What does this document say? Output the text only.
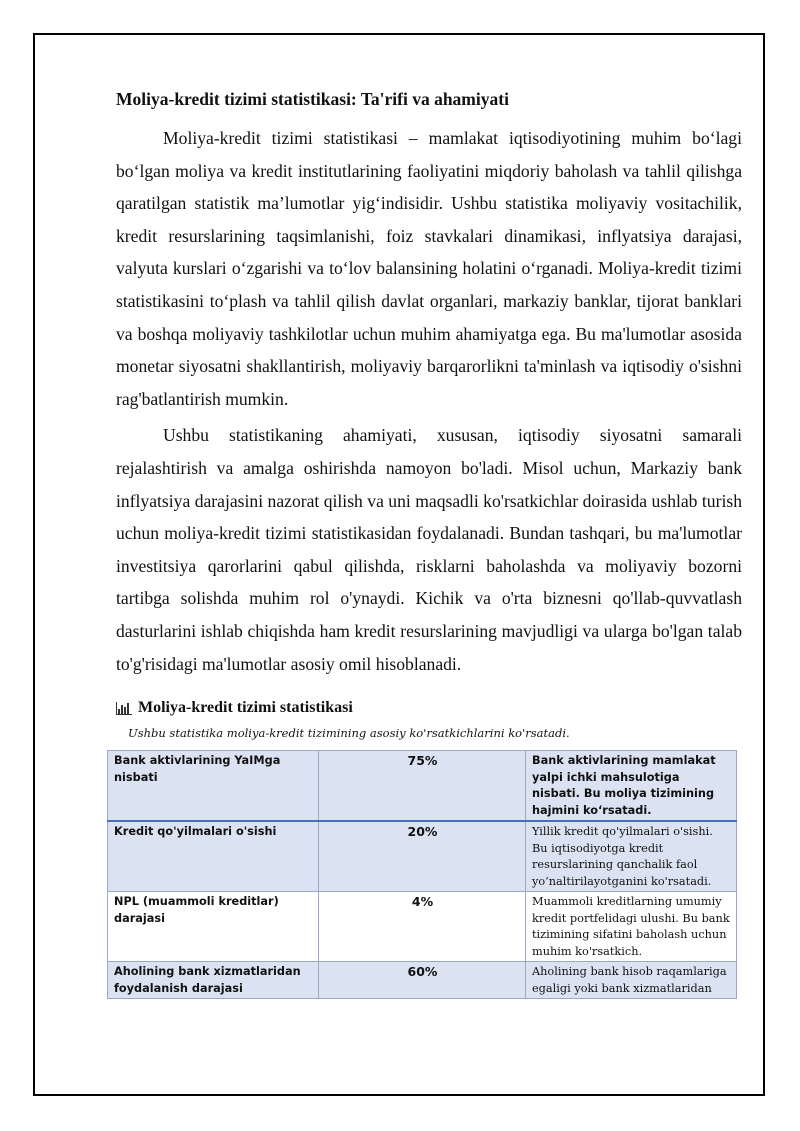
Moliya-kredit tizimi statistikasi: Ta'rifi va ahamiyati

Moliya-kredit tizimi statistikasi – mamlakat iqtisodiyotining muhim boʻlagi boʻlgan moliya va kredit institutlarining faoliyatini miqdoriy baholash va tahlil qilishga qaratilgan statistik maʼlumotlar yigʻindisidir. Ushbu statistika moliyaviy vositachilik, kredit resurslarining taqsimlanishi, foiz stavkalari dinamikasi, inflyatsiya darajasi, valyuta kurslari oʻzgarishi va toʻlov balansining holatini oʻrganadi. Moliya-kredit tizimi statistikasini toʻplash va tahlil qilish davlat organlari, markaziy banklar, tijorat banklari va boshqa moliyaviy tashkilotlar uchun muhim ahamiyatga ega. Bu ma'lumotlar asosida monetar siyosatni shakllantirish, moliyaviy barqarorlikni ta'minlash va iqtisodiy o'sishni rag'batlantirish mumkin.

Ushbu statistikaning ahamiyati, xususan, iqtisodiy siyosatni samarali rejalashtirish va amalga oshirishda namoyon bo'ladi. Misol uchun, Markaziy bank inflyatsiya darajasini nazorat qilish va uni maqsadli ko'rsatkichlar doirasida ushlab turish uchun moliya-kredit tizimi statistikasidan foydalanadi. Bundan tashqari, bu ma'lumotlar investitsiya qarorlarini qabul qilishda, risklarni baholashda va moliyaviy bozorni tartibga solishda muhim rol o'ynaydi. Kichik va o'rta biznesni qo'llab-quvvatlash dasturlarini ishlab chiqishda ham kredit resurslarining mavjudligi va ularga bo'lgan talab to'g'risidagi ma'lumotlar asosiy omil hisoblanadi.

Moliya-kredit tizimi statistikasi
Ushbu statistika moliya-kredit tizimining asosiy ko'rsatkichlarini ko'rsatadi.
Bank aktivlarining YaIMga nisbati	75%	Bank aktivlarining mamlakat yalpi ichki mahsulotiga nisbati. Bu moliya tizimining hajmini koʻrsatadi.
Kredit qo'yilmalari o'sishi	20%	Yillik kredit qo'yilmalari o'sishi. Bu iqtisodiyotga kredit resurslarining qanchalik faol yoʻnaltirilayotganini ko'rsatadi.
NPL (muammoli kreditlar) darajasi	4%	Muammoli kreditlarning umumiy kredit portfelidagi ulushi. Bu bank tizimining sifatini baholash uchun muhim ko'rsatkich.
Aholining bank xizmatlaridan foydalanish darajasi	60%	Aholining bank hisob raqamlariga egaligi yoki bank xizmatlaridan
